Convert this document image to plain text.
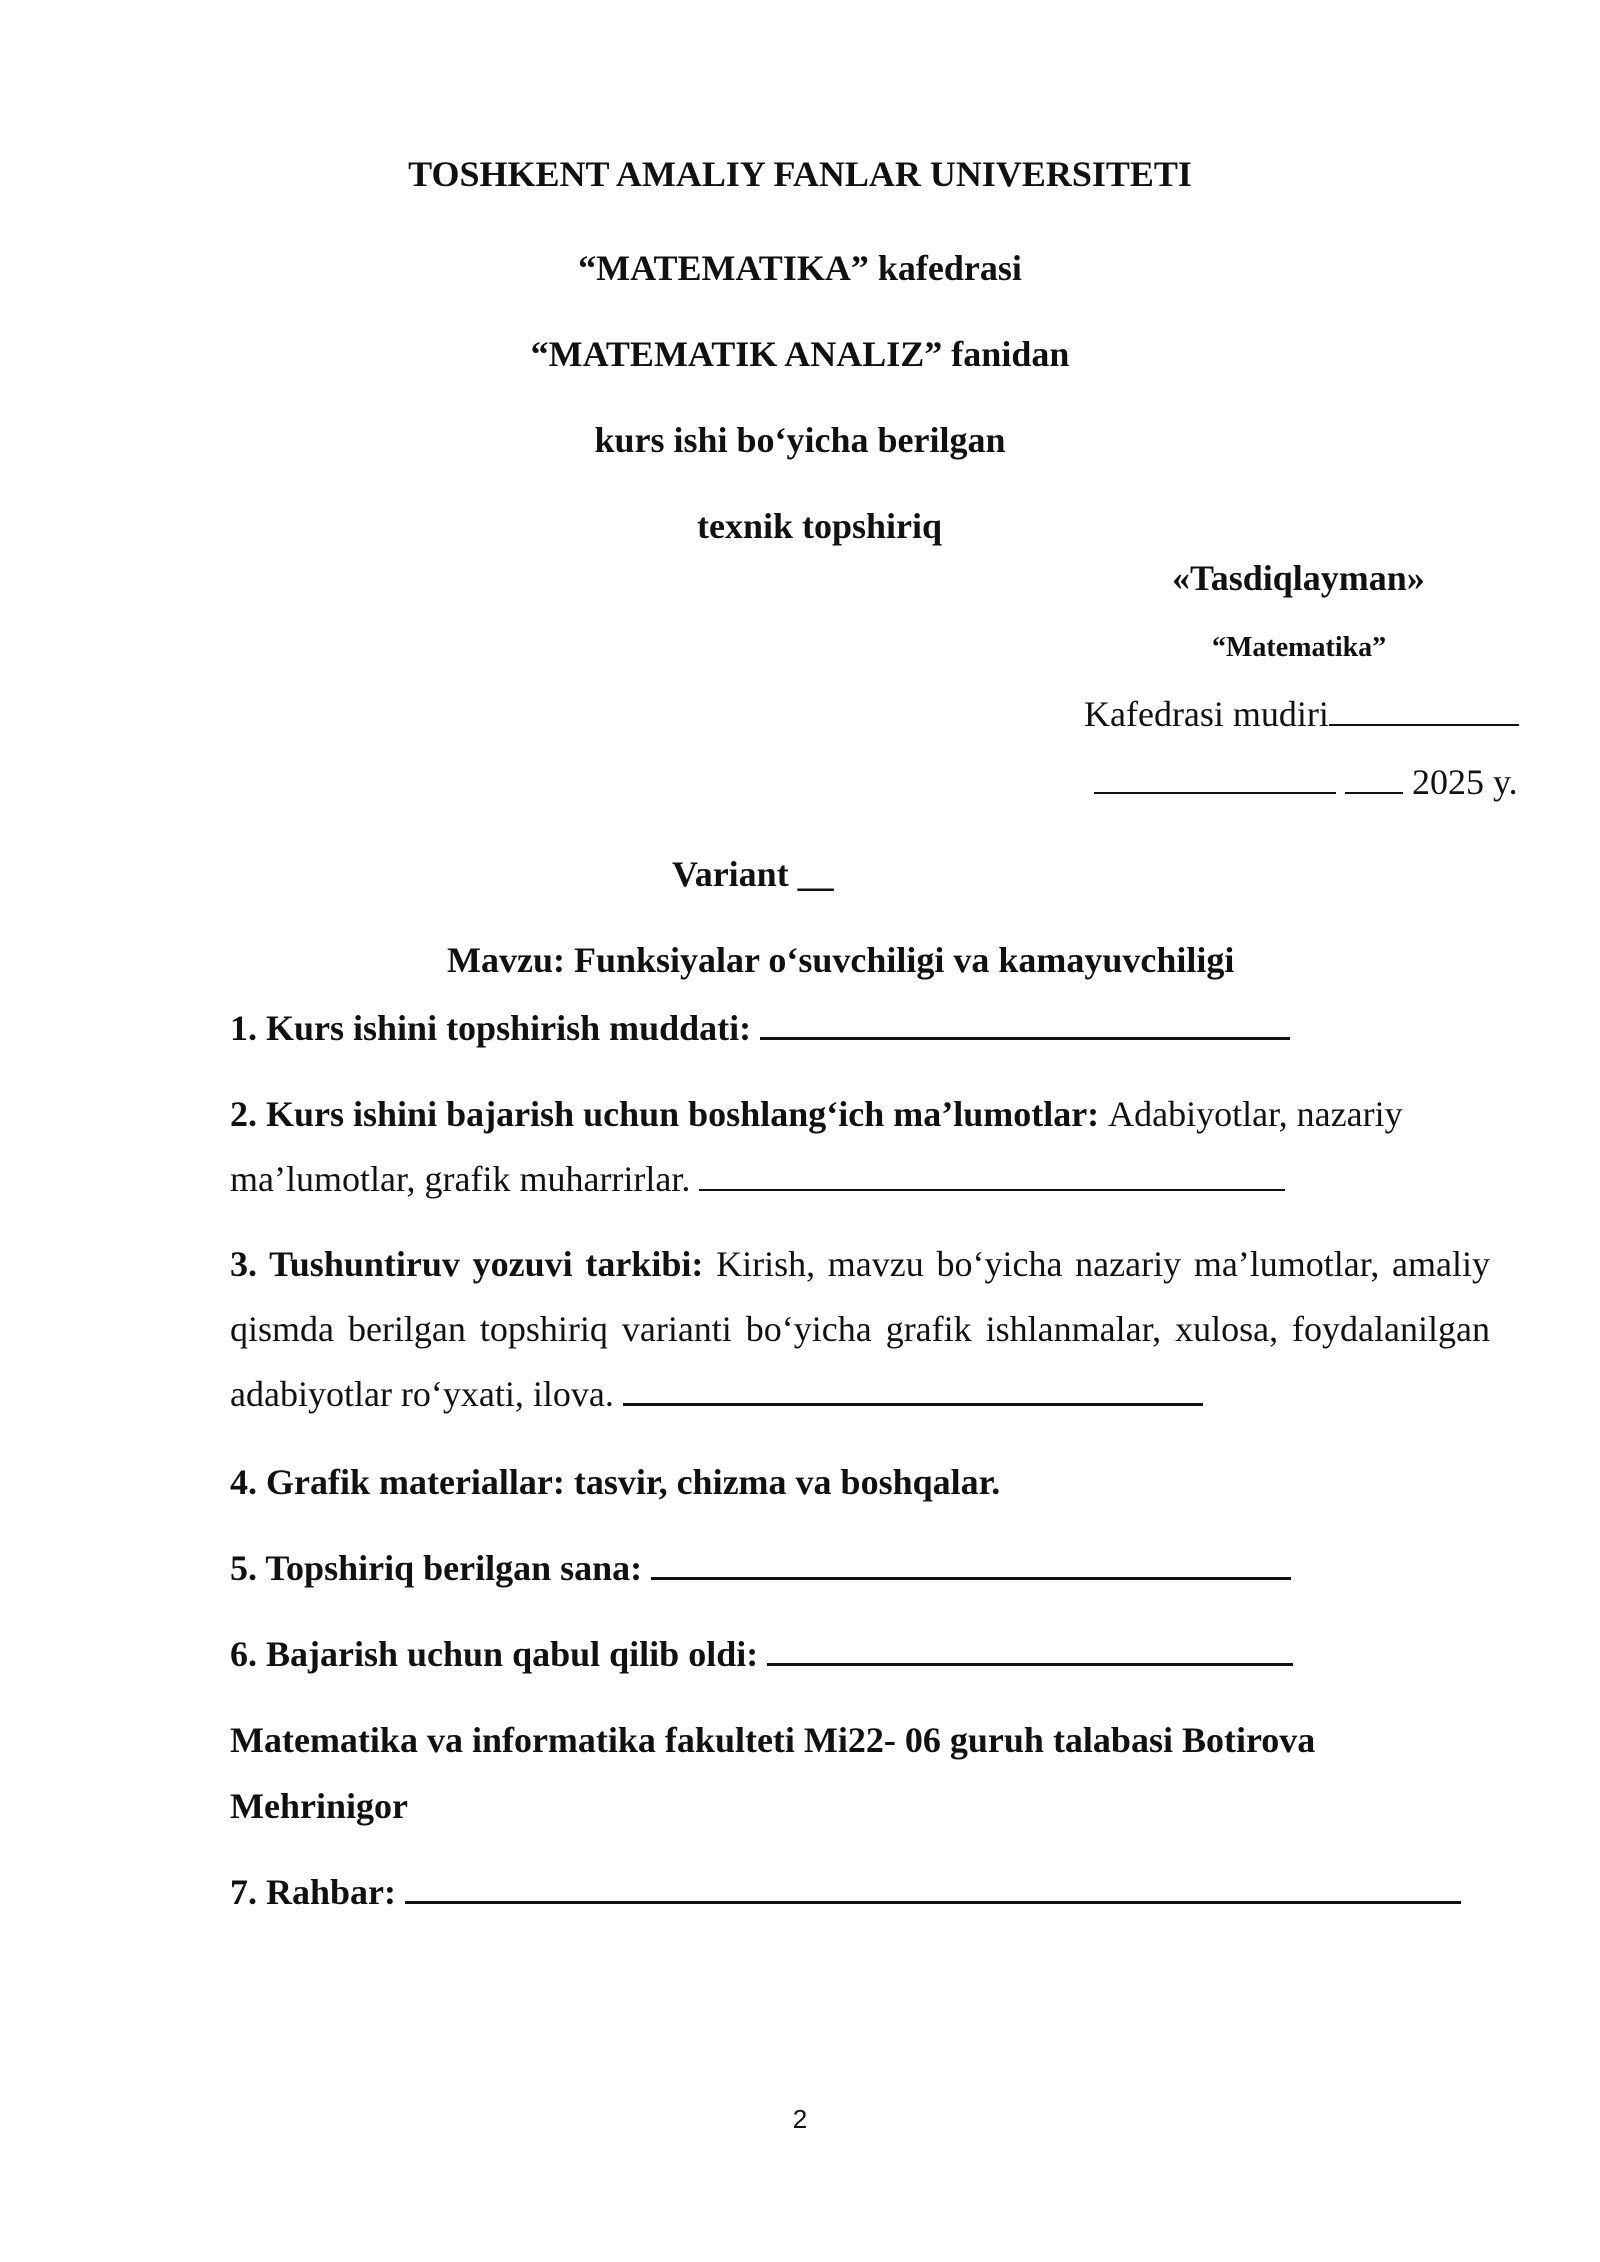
TOSHKENT AMALIY FANLAR UNIVERSITETI
“MATEMATIKA” kafedrasi
“MATEMATIK ANALIZ” fanidan
kurs ishi bo‘yicha berilgan
texnik topshiriq
«Tasdiqlayman»
“Matematika”
Kafedrasi mudiri
2025 y.
Variant __
Mavzu: Funksiyalar o‘suvchiligi va kamayuvchiligi
1. Kurs ishini topshirish muddati:
2. Kurs ishini bajarish uchun boshlang‘ich ma’lumotlar: Adabiyotlar, nazariy
ma’lumotlar, grafik muharrirlar.
3. Tushuntiruv yozuvi tarkibi: Kirish, mavzu bo‘yicha nazariy ma’lumotlar, amaliy qismda berilgan topshiriq varianti bo‘yicha grafik ishlanmalar, xulosa, foydalanilgan adabiyotlar ro‘yxati, ilova.
4. Grafik materiallar: tasvir, chizma va boshqalar.
5. Topshiriq berilgan sana:
6. Bajarish uchun qabul qilib oldi:
Matematika va informatika fakulteti Mi22- 06 guruh talabasi Botirova
Mehrinigor
7. Rahbar:
2
